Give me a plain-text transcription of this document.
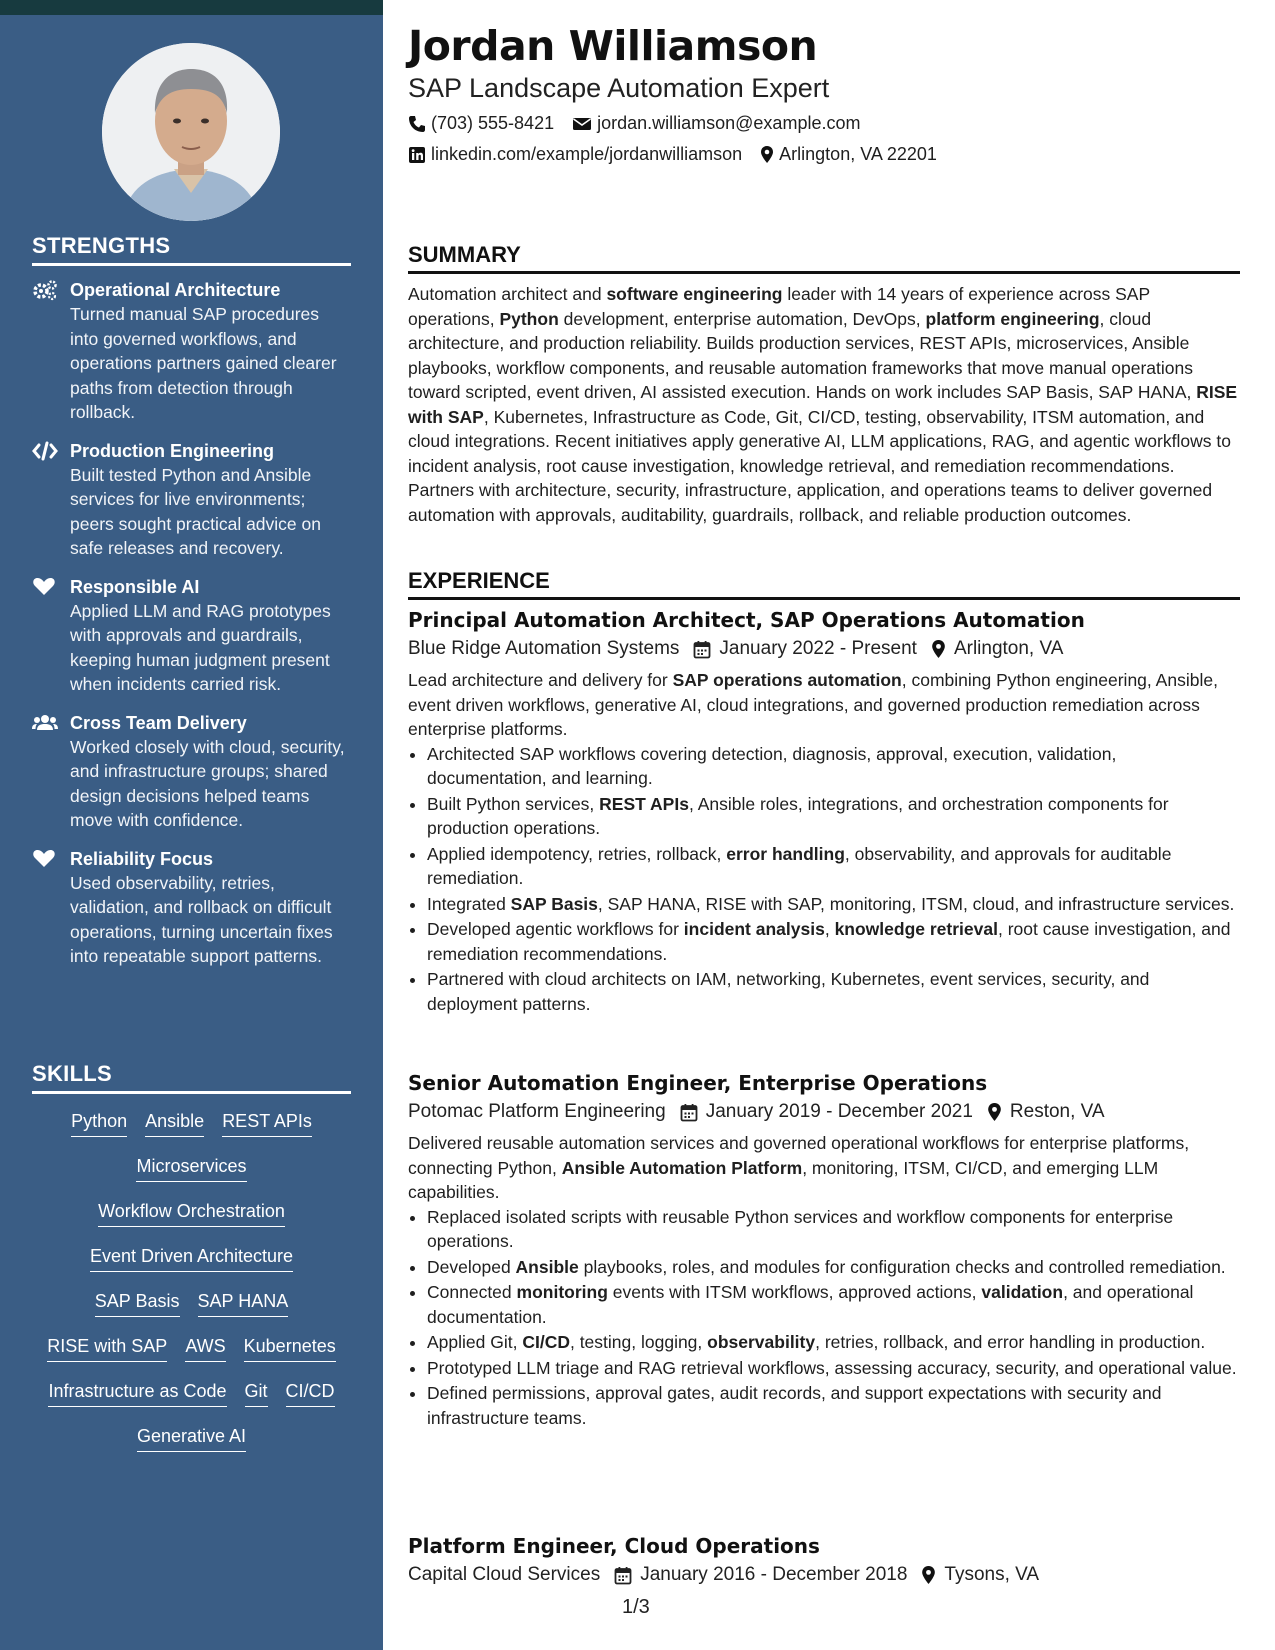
STRENGTHS
Operational Architecture
Turned manual SAP procedures into governed workflows, and operations partners gained clearer paths from detection through rollback.
Production Engineering
Built tested Python and Ansible services for live environments; peers sought practical advice on safe releases and recovery.
Responsible AI
Applied LLM and RAG prototypes with approvals and guardrails, keeping human judgment present when incidents carried risk.
Cross Team Delivery
Worked closely with cloud, security, and infrastructure groups; shared design decisions helped teams move with confidence.
Reliability Focus
Used observability, retries, validation, and rollback on difficult operations, turning uncertain fixes into repeatable support patterns.
SKILLS
Python Ansible REST APIs
Microservices
Workflow Orchestration
Event Driven Architecture
SAP Basis SAP HANA
RISE with SAP AWS Kubernetes
Infrastructure as Code Git CI/CD
Generative AI
Jordan Williamson
SAP Landscape Automation Expert
(703) 555-8421 jordan.williamson@example.com
linkedin.com/example/jordanwilliamson Arlington, VA 22201
SUMMARY
Automation architect and software engineering leader with 14 years of experience across SAP operations, Python development, enterprise automation, DevOps, platform engineering, cloud architecture, and production reliability. Builds production services, REST APIs, microservices, Ansible playbooks, workflow components, and reusable automation frameworks that move manual operations toward scripted, event driven, AI assisted execution. Hands on work includes SAP Basis, SAP HANA, RISE with SAP, Kubernetes, Infrastructure as Code, Git, CI/CD, testing, observability, ITSM automation, and cloud integrations. Recent initiatives apply generative AI, LLM applications, RAG, and agentic workflows to incident analysis, root cause investigation, knowledge retrieval, and remediation recommendations. Partners with architecture, security, infrastructure, application, and operations teams to deliver governed automation with approvals, auditability, guardrails, rollback, and reliable production outcomes.
EXPERIENCE
Principal Automation Architect, SAP Operations Automation
Blue Ridge Automation Systems January 2022 - Present Arlington, VA
Lead architecture and delivery for SAP operations automation, combining Python engineering, Ansible, event driven workflows, generative AI, cloud integrations, and governed production remediation across enterprise platforms.
• Architected SAP workflows covering detection, diagnosis, approval, execution, validation, documentation, and learning.
• Built Python services, REST APIs, Ansible roles, integrations, and orchestration components for production operations.
• Applied idempotency, retries, rollback, error handling, observability, and approvals for auditable remediation.
• Integrated SAP Basis, SAP HANA, RISE with SAP, monitoring, ITSM, cloud, and infrastructure services.
• Developed agentic workflows for incident analysis, knowledge retrieval, root cause investigation, and remediation recommendations.
• Partnered with cloud architects on IAM, networking, Kubernetes, event services, security, and deployment patterns.
Senior Automation Engineer, Enterprise Operations
Potomac Platform Engineering January 2019 - December 2021 Reston, VA
Delivered reusable automation services and governed operational workflows for enterprise platforms, connecting Python, Ansible Automation Platform, monitoring, ITSM, CI/CD, and emerging LLM capabilities.
• Replaced isolated scripts with reusable Python services and workflow components for enterprise operations.
• Developed Ansible playbooks, roles, and modules for configuration checks and controlled remediation.
• Connected monitoring events with ITSM workflows, approved actions, validation, and operational documentation.
• Applied Git, CI/CD, testing, logging, observability, retries, rollback, and error handling in production.
• Prototyped LLM triage and RAG retrieval workflows, assessing accuracy, security, and operational value.
• Defined permissions, approval gates, audit records, and support expectations with security and infrastructure teams.
Platform Engineer, Cloud Operations
Capital Cloud Services January 2016 - December 2018 Tysons, VA
1/3
